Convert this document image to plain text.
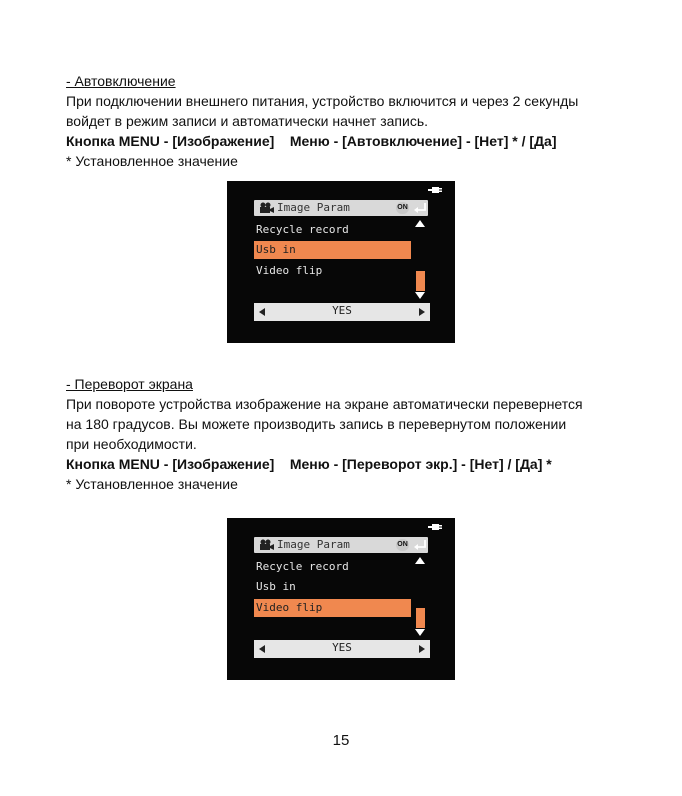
- Автовключение

При подключении внешнего питания, устройство включится и через 2 секунды

войдет в режим записи и автоматически начнет запись.

Кнопка MENU - [Изображение]    Меню - [Автовключение] - [Нет] * / [Да]

* Установленное значение

Image Param	ON
Recycle record
Usb in
Video flip
YES

- Переворот экрана

При повороте устройства изображение на экране автоматически перевернется

на 180 градусов. Вы можете производить запись в перевернутом положении

при необходимости.

Кнопка MENU - [Изображение]    Меню - [Переворот экр.] - [Нет] / [Да] *

* Установленное значение

Image Param	ON
Recycle record
Usb in
Video flip
YES
15
